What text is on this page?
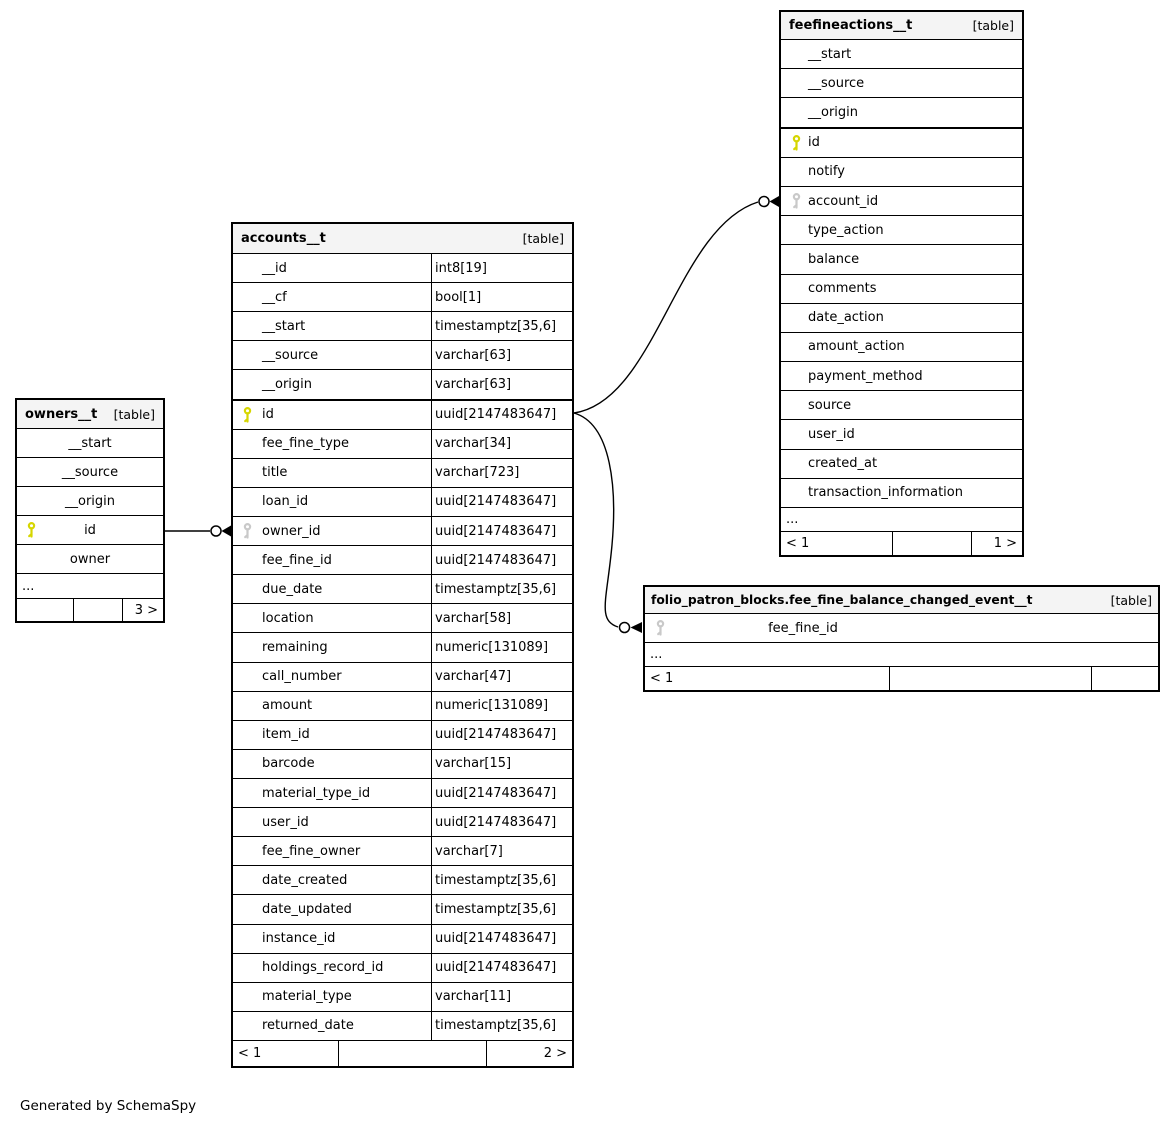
owners__t [table]
__start
__source
__origin
id
owner
...
3 >
accounts__t	[table]
__id	int8[19]
__cf	bool[1]
__start	timestamptz[35,6]
__source	varchar[63]
__origin	varchar[63]
id	uuid[2147483647]
fee_fine_type	varchar[34]
title	varchar[723]
loan_id	uuid[2147483647]
owner_id	uuid[2147483647]
fee_fine_id	uuid[2147483647]
due_date	timestamptz[35,6]
location	varchar[58]
remaining	numeric[131089]
call_number	varchar[47]
amount	numeric[131089]
item_id	uuid[2147483647]
barcode	varchar[15]
material_type_id	uuid[2147483647]
user_id	uuid[2147483647]
fee_fine_owner	varchar[7]
date_created	timestamptz[35,6]
date_updated	timestamptz[35,6]
instance_id	uuid[2147483647]
holdings_record_id	uuid[2147483647]
material_type	varchar[11]
returned_date	timestamptz[35,6]
< 1	2 >
feefineactions__t	[table]
__start
__source
__origin
id
notify
account_id
type_action
balance
comments
date_action
amount_action
payment_method
source
user_id
created_at
transaction_information
...
< 1	1 >
folio_patron_blocks.fee_fine_balance_changed_event__t	[table]
fee_fine_id
...
< 1
Generated by SchemaSpy
